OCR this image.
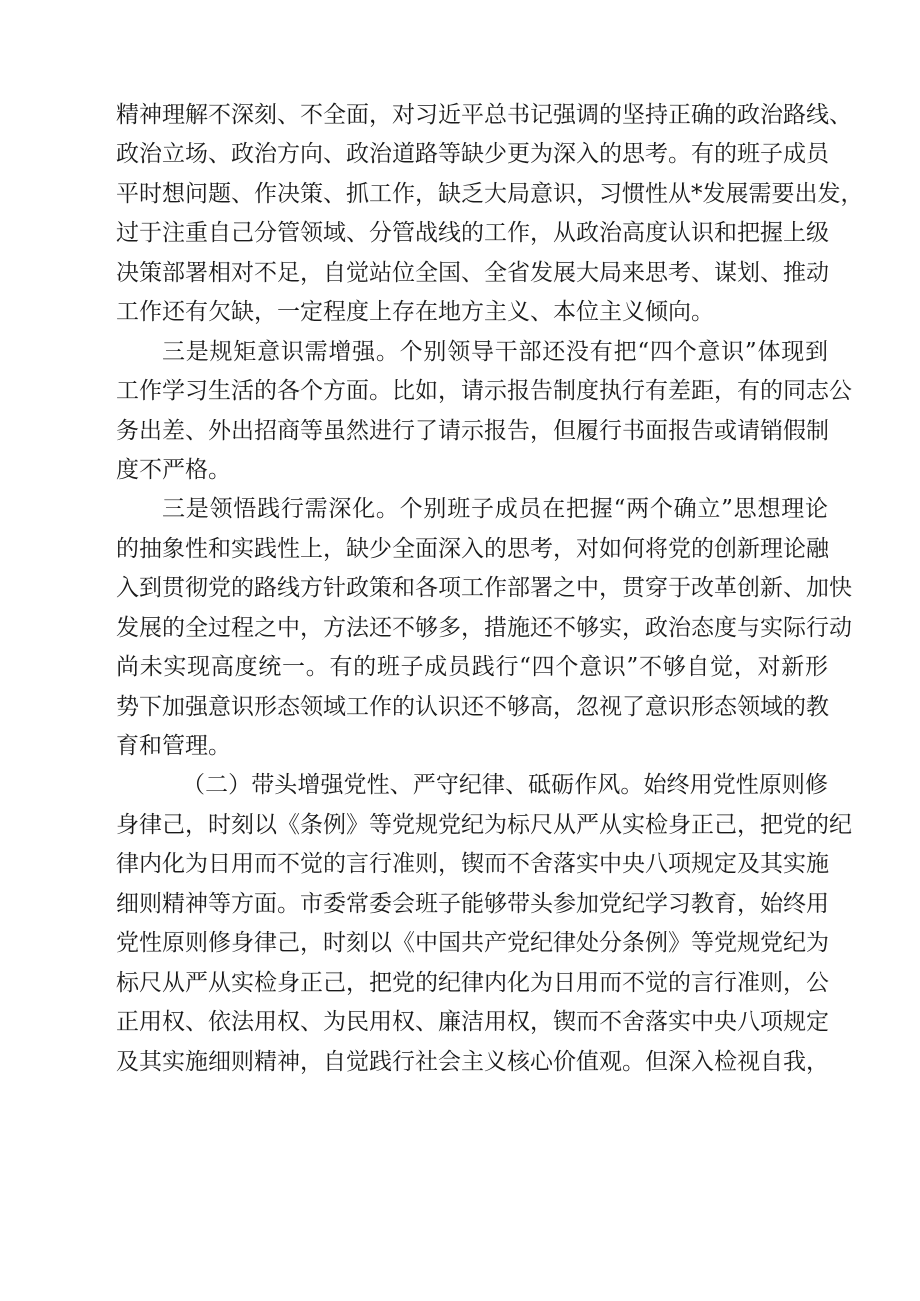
精神理解不深刻、不全面，对习近平总书记强调的坚持正确的政治路线、
政治立场、政治方向、政治道路等缺少更为深入的思考。有的班子成员
平时想问题、作决策、抓工作，缺乏大局意识，习惯性从*发展需要出发，
过于注重自己分管领域、分管战线的工作，从政治高度认识和把握上级
决策部署相对不足，自觉站位全国、全省发展大局来思考、谋划、推动
工作还有欠缺，一定程度上存在地方主义、本位主义倾向。
三是规矩意识需增强。个别领导干部还没有把“四个意识”体现到
工作学习生活的各个方面。比如，请示报告制度执行有差距，有的同志公
务出差、外出招商等虽然进行了请示报告，但履行书面报告或请销假制
度不严格。
三是领悟践行需深化。个别班子成员在把握“两个确立”思想理论
的抽象性和实践性上，缺少全面深入的思考，对如何将党的创新理论融
入到贯彻党的路线方针政策和各项工作部署之中，贯穿于改革创新、加快
发展的全过程之中，方法还不够多，措施还不够实，政治态度与实际行动
尚未实现高度统一。有的班子成员践行“四个意识”不够自觉，对新形
势下加强意识形态领域工作的认识还不够高，忽视了意识形态领域的教
育和管理。
（二）带头增强党性、严守纪律、砥砺作风。始终用党性原则修
身律己，时刻以《条例》等党规党纪为标尺从严从实检身正己，把党的纪
律内化为日用而不觉的言行准则，锲而不舍落实中央八项规定及其实施
细则精神等方面。市委常委会班子能够带头参加党纪学习教育，始终用
党性原则修身律己，时刻以《中国共产党纪律处分条例》等党规党纪为
标尺从严从实检身正己，把党的纪律内化为日用而不觉的言行准则，公
正用权、依法用权、为民用权、廉洁用权，锲而不舍落实中央八项规定
及其实施细则精神，自觉践行社会主义核心价值观。但深入检视自我，
